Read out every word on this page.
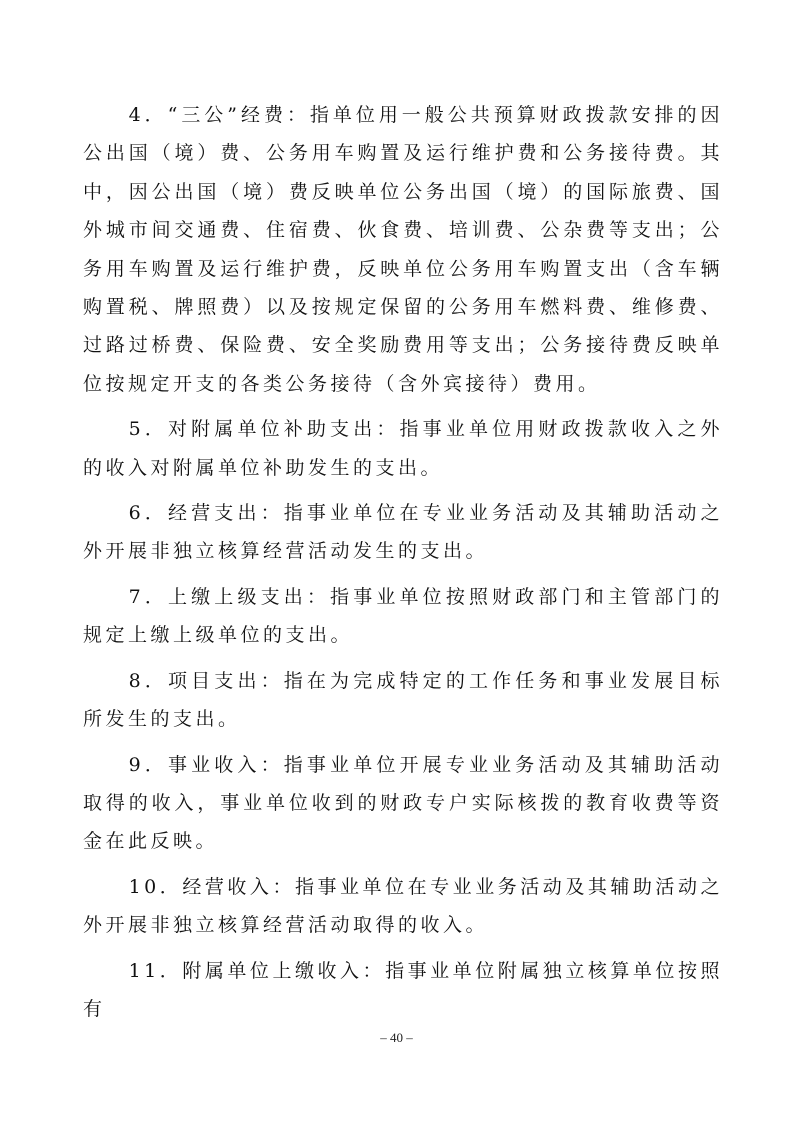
4．“三公”经费：指单位用一般公共预算财政拨款安排的因公出国（境）费、公务用车购置及运行维护费和公务接待费。其中，因公出国（境）费反映单位公务出国（境）的国际旅费、国外城市间交通费、住宿费、伙食费、培训费、公杂费等支出；公务用车购置及运行维护费，反映单位公务用车购置支出（含车辆购置税、牌照费）以及按规定保留的公务用车燃料费、维修费、过路过桥费、保险费、安全奖励费用等支出；公务接待费反映单位按规定开支的各类公务接待（含外宾接待）费用。

5．对附属单位补助支出：指事业单位用财政拨款收入之外的收入对附属单位补助发生的支出。

6．经营支出：指事业单位在专业业务活动及其辅助活动之外开展非独立核算经营活动发生的支出。

7．上缴上级支出：指事业单位按照财政部门和主管部门的规定上缴上级单位的支出。

8．项目支出：指在为完成特定的工作任务和事业发展目标所发生的支出。

9．事业收入：指事业单位开展专业业务活动及其辅助活动取得的收入，事业单位收到的财政专户实际核拨的教育收费等资金在此反映。

10．经营收入：指事业单位在专业业务活动及其辅助活动之外开展非独立核算经营活动取得的收入。

11．附属单位上缴收入：指事业单位附属独立核算单位按照有

– 40 –
